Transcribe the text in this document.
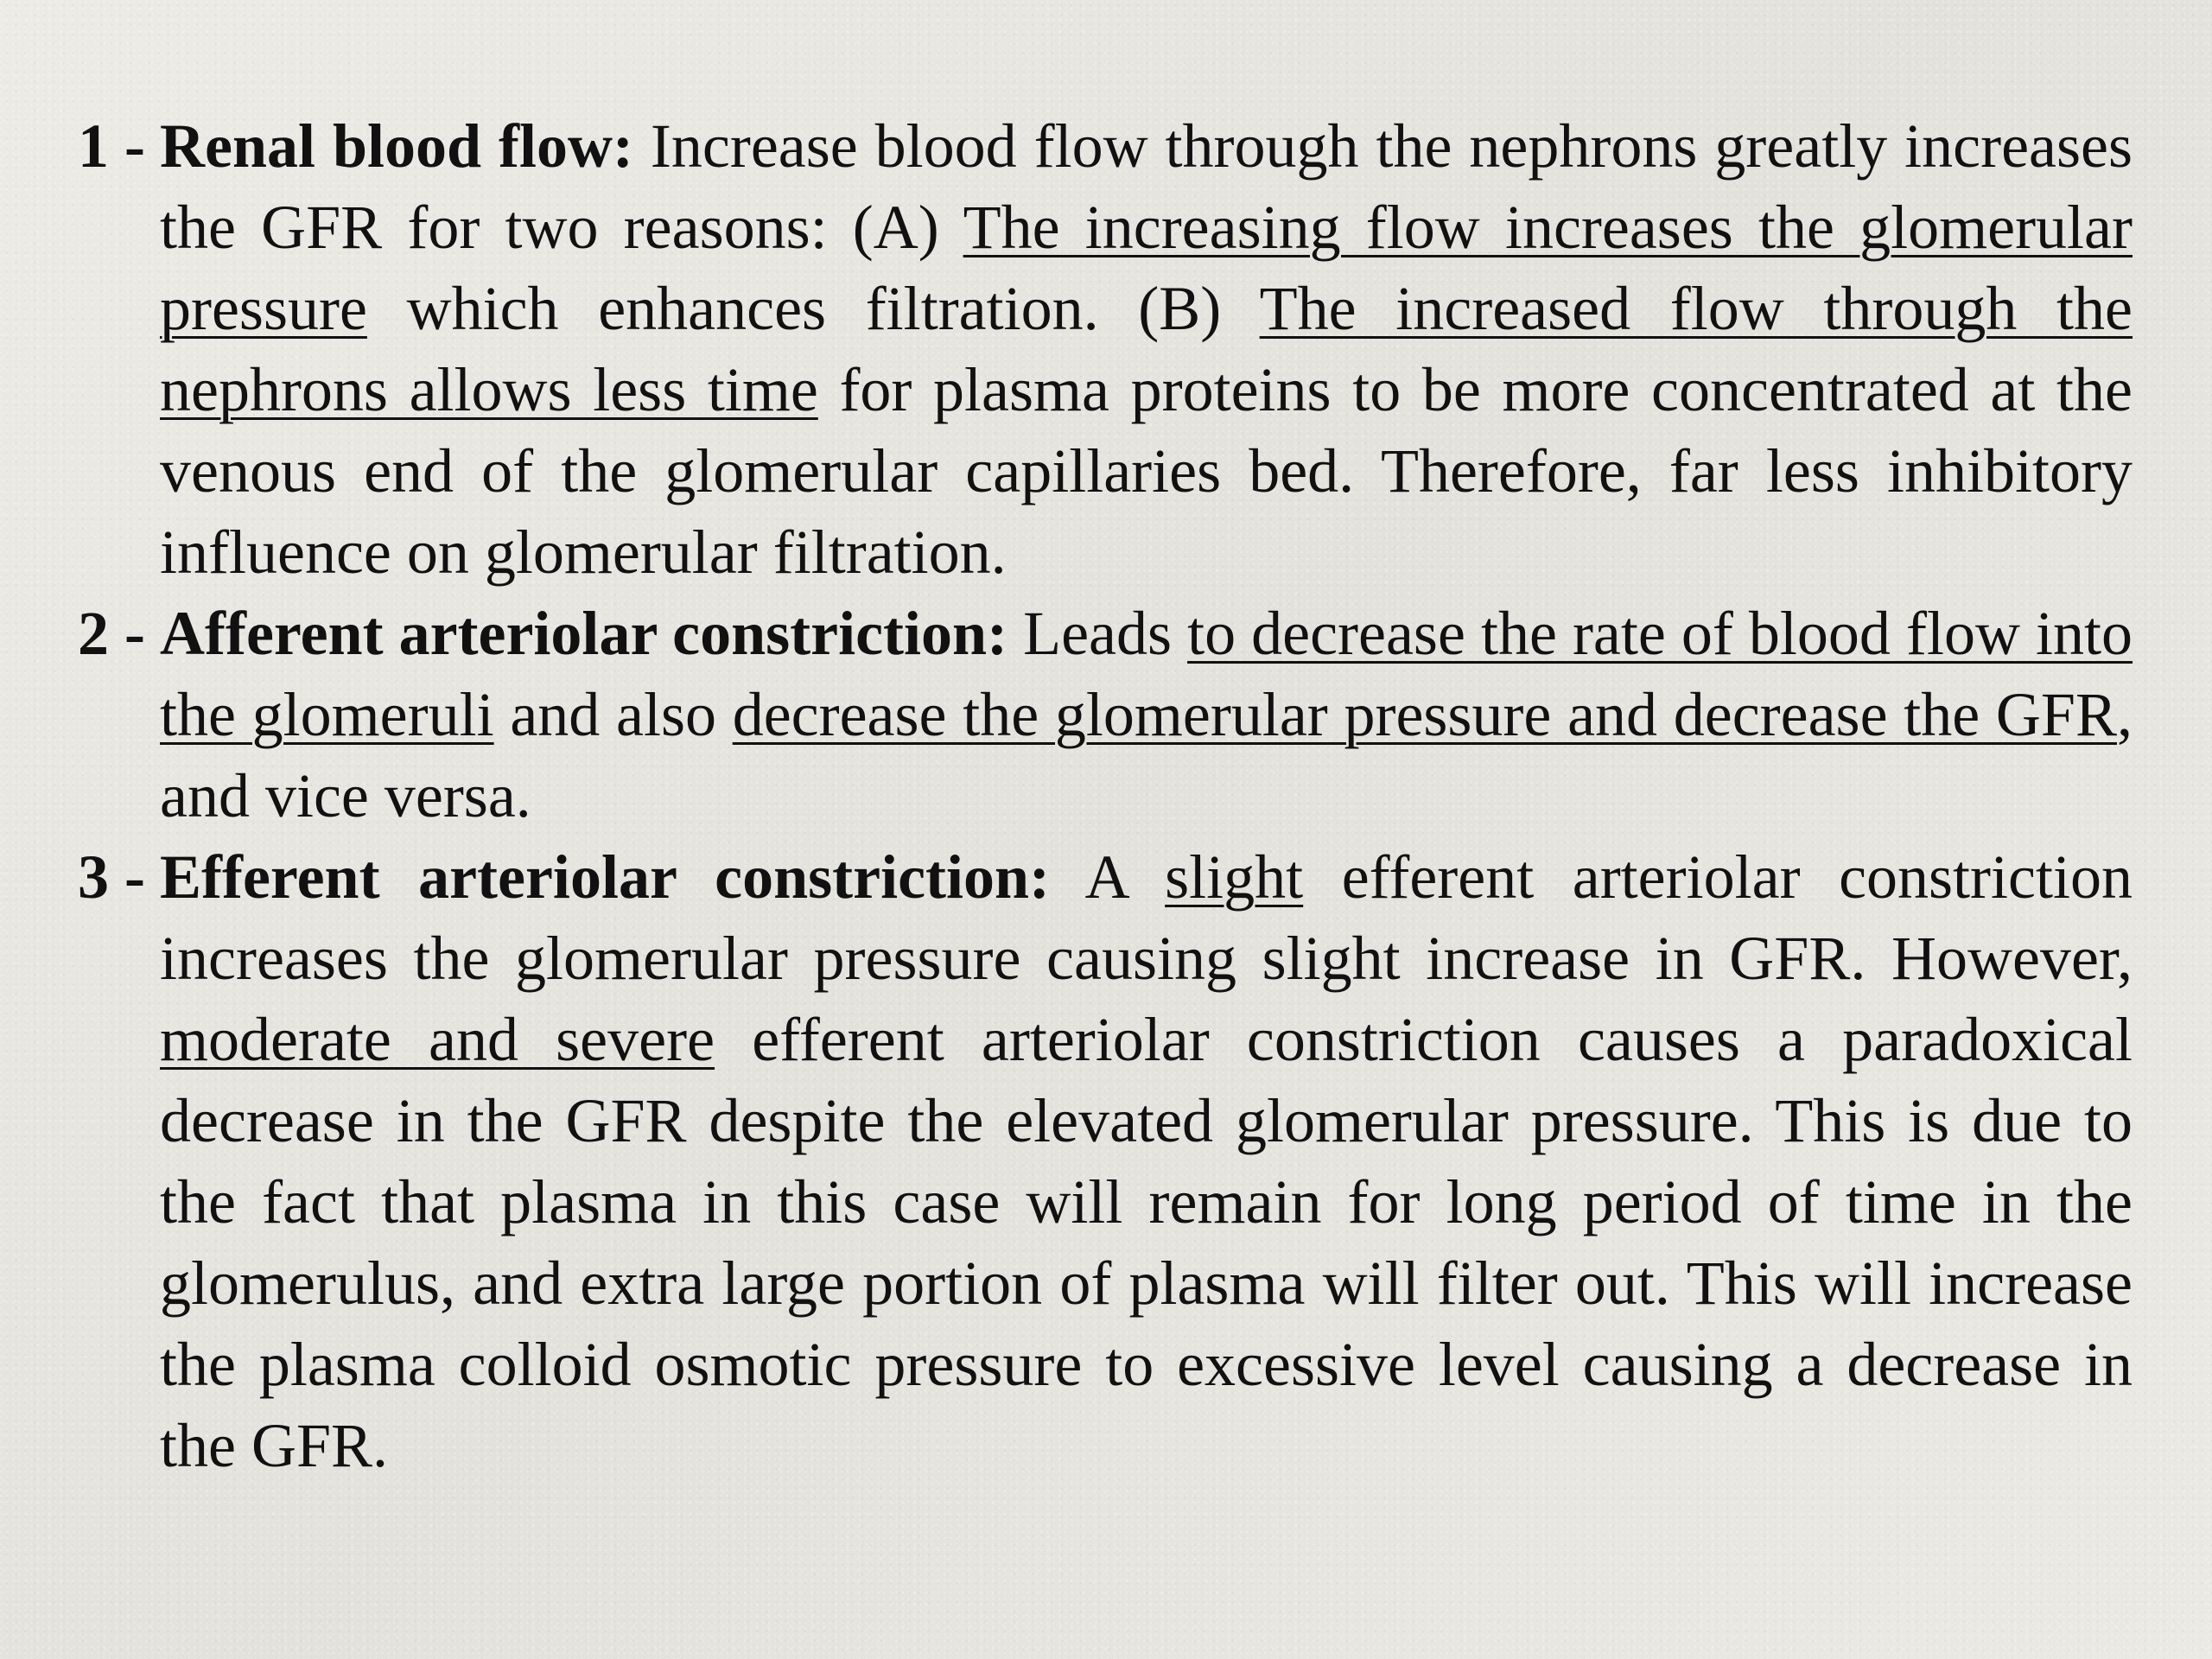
1 - Renal blood flow: Increase blood flow through the nephrons greatly increases the GFR for two reasons: (A) The increasing flow increases the glomerular pressure which enhances filtration. (B) The increased flow through the nephrons allows less time for plasma proteins to be more concentrated at the venous end of the glomerular capillaries bed. Therefore, far less inhibitory influence on glomerular filtration.
2 - Afferent arteriolar constriction: Leads to decrease the rate of blood flow into the glomeruli and also decrease the glomerular pressure and decrease the GFR, and vice versa.
3 - Efferent arteriolar constriction: A slight efferent arteriolar constriction increases the glomerular pressure causing slight increase in GFR. However, moderate and severe efferent arteriolar constriction causes a paradoxical decrease in the GFR despite the elevated glomerular pressure. This is due to the fact that plasma in this case will remain for long period of time in the glomerulus, and extra large portion of plasma will filter out. This will increase the plasma colloid osmotic pressure to excessive level causing a decrease in the GFR.
